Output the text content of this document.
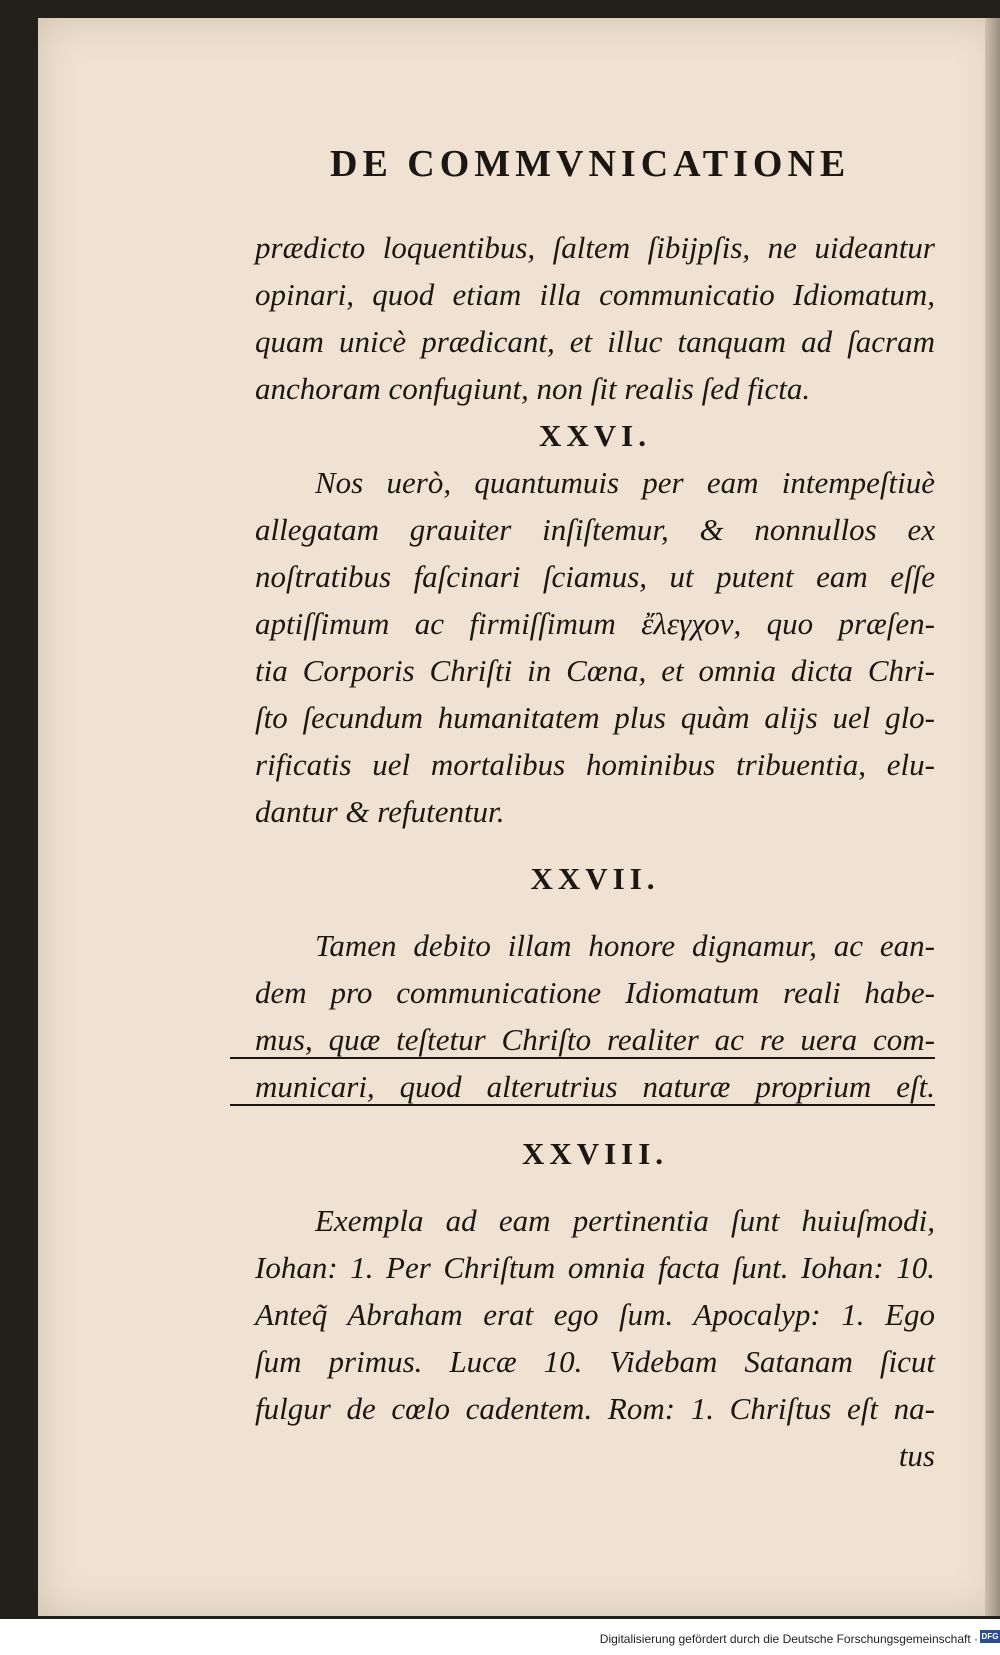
DE COMMVNICATIONE
prædicto loquentibus, ſaltem ſibijpſis, ne uideantur
opinari, quod etiam illa communicatio Idiomatum,
quam unicè prædicant, et illuc tanquam ad ſacram
anchoram confugiunt, non ſit realis ſed ficta.
XXVI.
Nos uerò, quantumuis per eam intempeſtiuè
allegatam grauiter inſiſtemur, & nonnullos ex
noſtratibus faſcinari ſciamus, ut putent eam eſſe
aptiſſimum ac firmiſſimum ἔλεγχον, quo præſen-
tia Corporis Chriſti in Cœna, et omnia dicta Chri-
ſto ſecundum humanitatem plus quàm alijs uel glo-
rificatis uel mortalibus hominibus tribuentia, elu-
dantur & refutentur.
XXVII.
Tamen debito illam honore dignamur, ac ean-
dem pro communicatione Idiomatum reali habe-
mus, quæ teſtetur Chriſto realiter ac re uera com-
municari, quod alterutrius naturæ proprium eſt.
XXVIII.
Exempla ad eam pertinentia ſunt huiuſmodi,
Iohan: 1. Per Chriſtum omnia facta ſunt. Iohan: 10.
Anteq̃ Abraham erat ego ſum. Apocalyp: 1. Ego
ſum primus. Lucæ 10. Videbam Satanam ſicut
fulgur de cœlo cadentem. Rom: 1. Chriſtus eſt na-
tus
Digitalisierung gefördert durch die Deutsche Forschungsgemeinschaft · DFG
